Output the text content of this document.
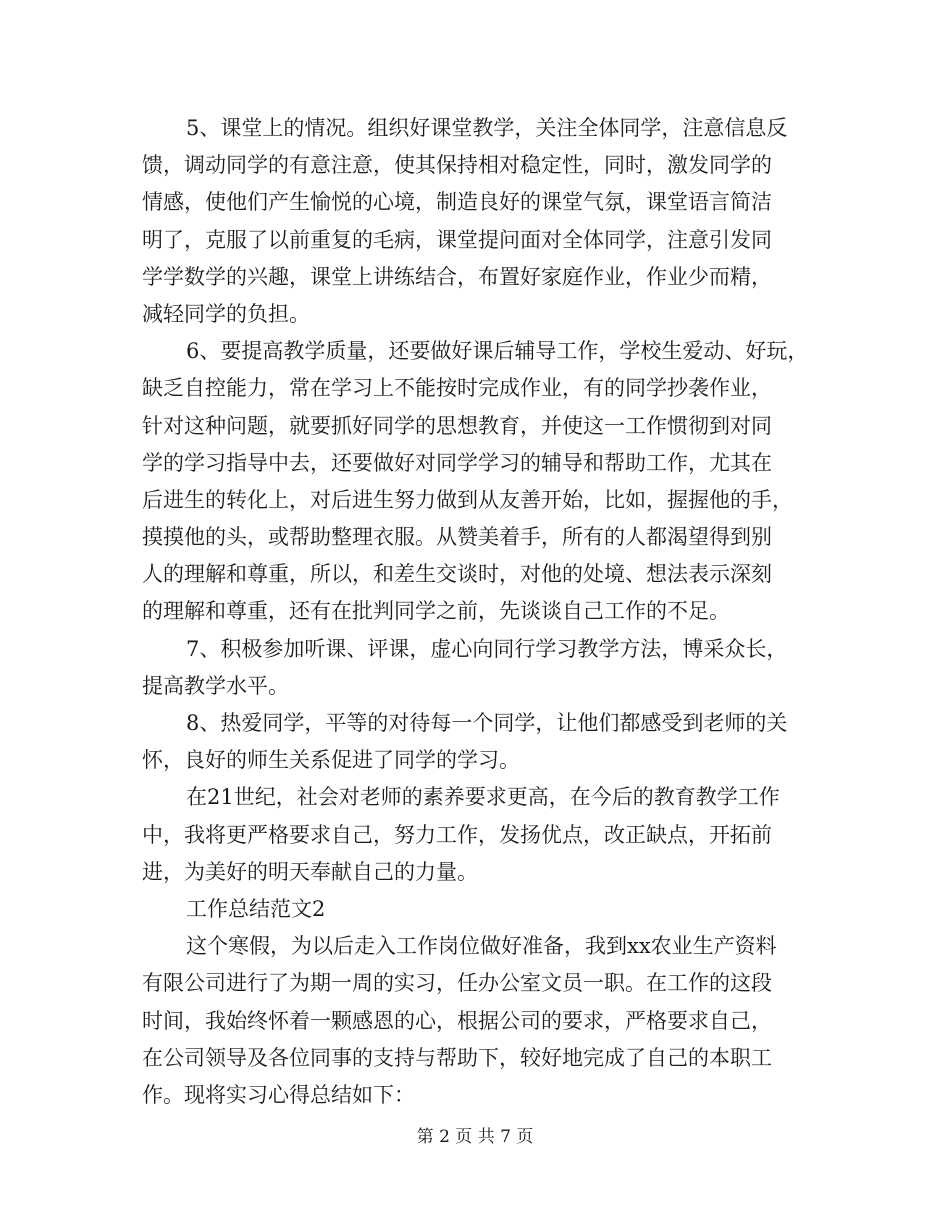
5、课堂上的情况。组织好课堂教学，关注全体同学，注意信息反
馈，调动同学的有意注意，使其保持相对稳定性，同时，激发同学的
情感，使他们产生愉悦的心境，制造良好的课堂气氛，课堂语言简洁
明了，克服了以前重复的毛病，课堂提问面对全体同学，注意引发同
学学数学的兴趣，课堂上讲练结合，布置好家庭作业，作业少而精，
减轻同学的负担。
6、要提高教学质量，还要做好课后辅导工作，学校生爱动、好玩，
缺乏自控能力，常在学习上不能按时完成作业，有的同学抄袭作业，
针对这种问题，就要抓好同学的思想教育，并使这一工作惯彻到对同
学的学习指导中去，还要做好对同学学习的辅导和帮助工作，尤其在
后进生的转化上，对后进生努力做到从友善开始，比如，握握他的手，
摸摸他的头，或帮助整理衣服。从赞美着手，所有的人都渴望得到别
人的理解和尊重，所以，和差生交谈时，对他的处境、想法表示深刻
的理解和尊重，还有在批判同学之前，先谈谈自己工作的不足。
7、积极参加听课、评课，虚心向同行学习教学方法，博采众长，
提高教学水平。
8、热爱同学，平等的对待每一个同学，让他们都感受到老师的关
怀，良好的师生关系促进了同学的学习。
在21世纪，社会对老师的素养要求更高，在今后的教育教学工作
中，我将更严格要求自己，努力工作，发扬优点，改正缺点，开拓前
进，为美好的明天奉献自己的力量。
工作总结范文2
这个寒假，为以后走入工作岗位做好准备，我到xx农业生产资料
有限公司进行了为期一周的实习，任办公室文员一职。在工作的这段
时间，我始终怀着一颗感恩的心，根据公司的要求，严格要求自己，
在公司领导及各位同事的支持与帮助下，较好地完成了自己的本职工
作。现将实习心得总结如下：
第 2 页 共 7 页
